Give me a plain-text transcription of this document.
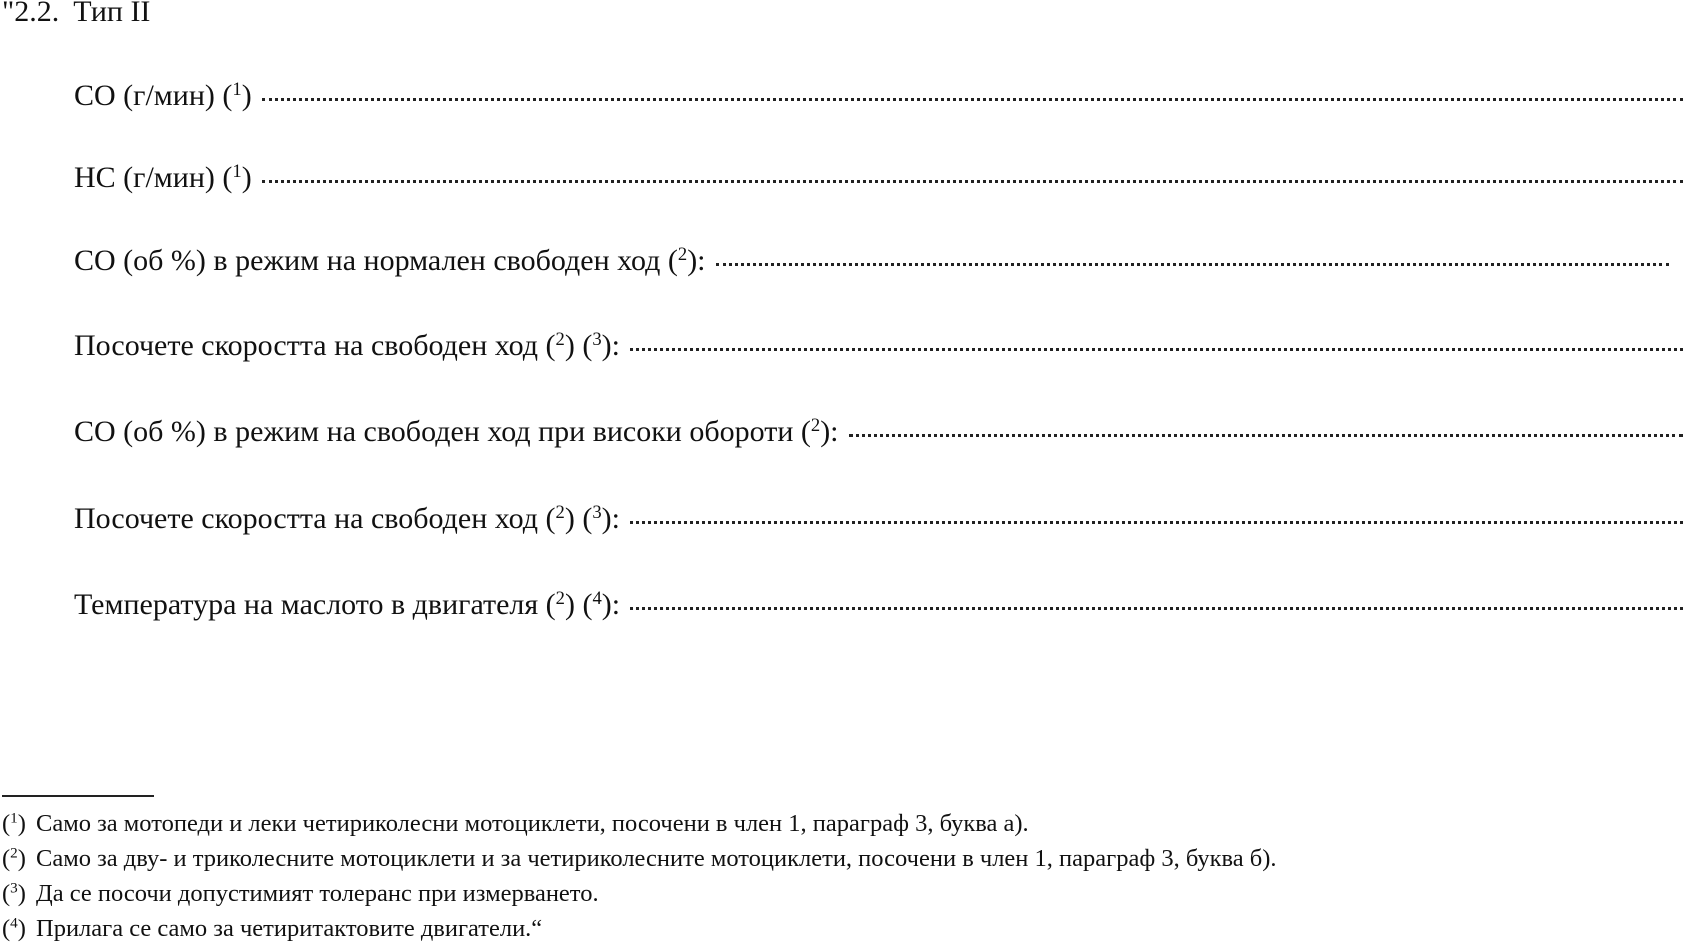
"2.2. Тип II
CO (г/мин) ($^1$)
HC (г/мин) ($^1$)
CO (об %) в режим на нормален свободен ход ($^2$):
Посочете скоростта на свободен ход ($^2$) ($^3$):
CO (об %) в режим на свободен ход при високи обороти ($^2$):
Посочете скоростта на свободен ход ($^2$) ($^3$):
Температура на маслото в двигателя ($^2$) ($^4$):
($^1$) Само за мотопеди и леки четириколесни мотоциклети, посочени в член 1, параграф 3, буква а).
($^2$) Само за дву- и триколесните мотоциклети и за четириколесните мотоциклети, посочени в член 1, параграф 3, буква б).
($^3$) Да се посочи допустимият толеранс при измерването.
($^4$) Прилага се само за четиритактовите двигатели.“
